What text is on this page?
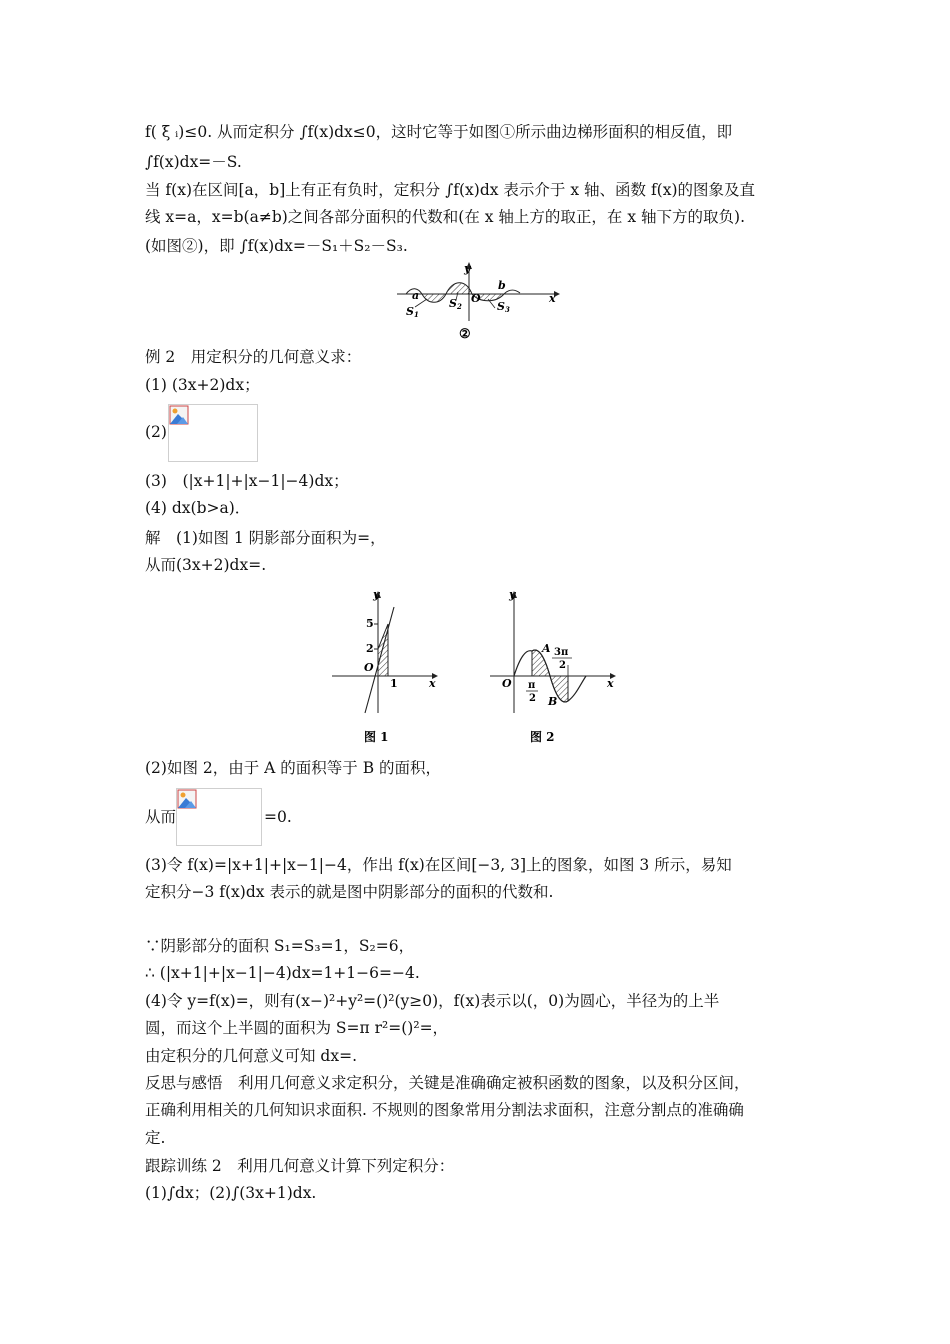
f( ξ ᵢ)≤0. 从而定积分 ∫f(x)dx≤0，这时它等于如图①所示曲边梯形面积的相反值，即
∫f(x)dx=－S.
当 f(x)在区间[a，b]上有正有负时，定积分 ∫f(x)dx 表示介于 x 轴、函数 f(x)的图象及直
线 x=a，x=b(a≠b)之间各部分面积的代数和(在 x 轴上方的取正，在 x 轴下方的取负).
(如图②)，即 ∫f(x)dx=－S₁＋S₂－S₃.
y
x
a
b
O
S1
S2	S3
②
例 2　用定积分的几何意义求：
(1) (3x+2)dx；
(2)
(3)　(|x+1|+|x−1|−4)dx；
(4) dx(b>a)．
解　(1)如图 1 阴影部分面积为=，
从而(3x+2)dx=.
y
x
5
2
O
1
图 1
y
x
O
A
B
π
2
3π
2
图 2
(2)如图 2，由于 A 的面积等于 B 的面积，
从而	=0.
(3)令 f(x)=|x+1|+|x−1|−4，作出 f(x)在区间[−3, 3]上的图象，如图 3 所示，易知
定积分−3 f(x)dx 表示的就是图中阴影部分的面积的代数和.
∵阴影部分的面积 S₁=S₃=1，S₂=6，
∴ (|x+1|+|x−1|−4)dx=1+1−6=−4.
(4)令 y=f(x)=，则有(x−)²+y²=()²(y≥0)，f(x)表示以(，0)为圆心，半径为的上半
圆，而这个上半圆的面积为 S=π r²=()²=，
由定积分的几何意义可知 dx=.
反思与感悟　利用几何意义求定积分，关键是准确确定被积函数的图象，以及积分区间，
正确利用相关的几何知识求面积. 不规则的图象常用分割法求面积，注意分割点的准确确
定.
跟踪训练 2　利用几何意义计算下列定积分：
(1)∫dx；(2)∫(3x+1)dx.
